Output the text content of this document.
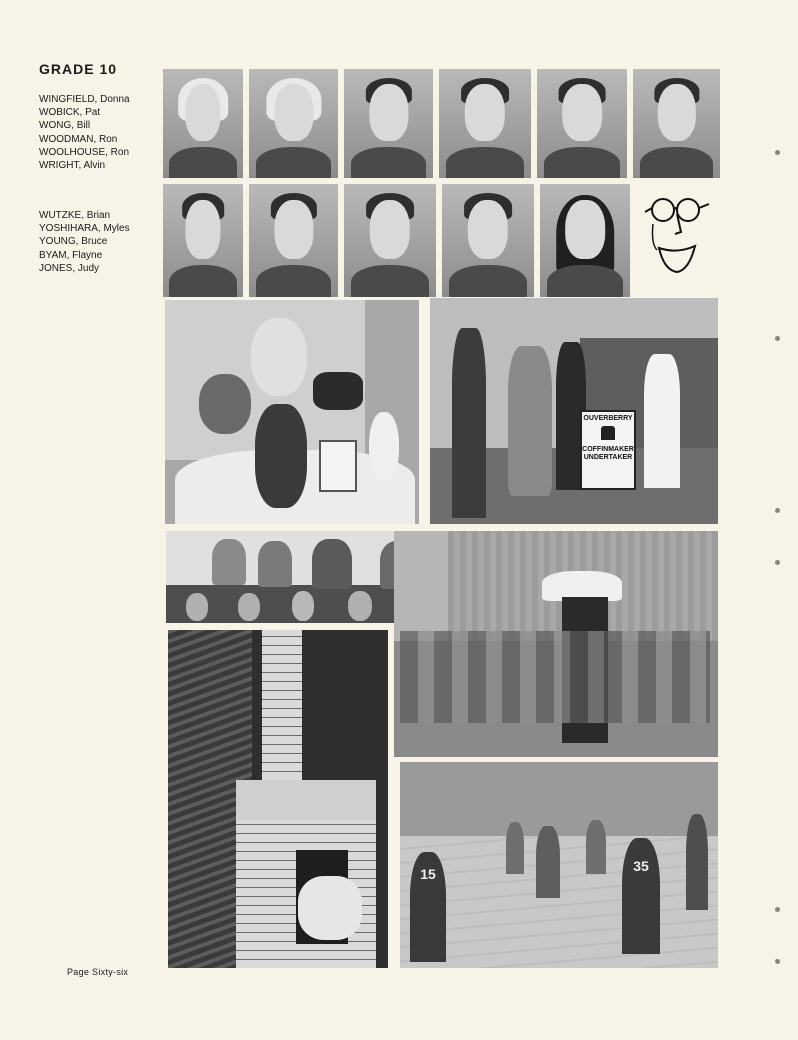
GRADE 10
WINGFIELD, Donna
WOBICK, Pat
WONG, Bill
WOODMAN, Ron
WOOLHOUSE, Ron
WRIGHT, Alvin
WUTZKE, Brian
YOSHIHARA, Myles
YOUNG, Bruce
BYAM, Flayne
JONES, Judy
OUVERBERRY
COFFINMAKER
UNDERTAKER
15	35
Page Sixty-six
